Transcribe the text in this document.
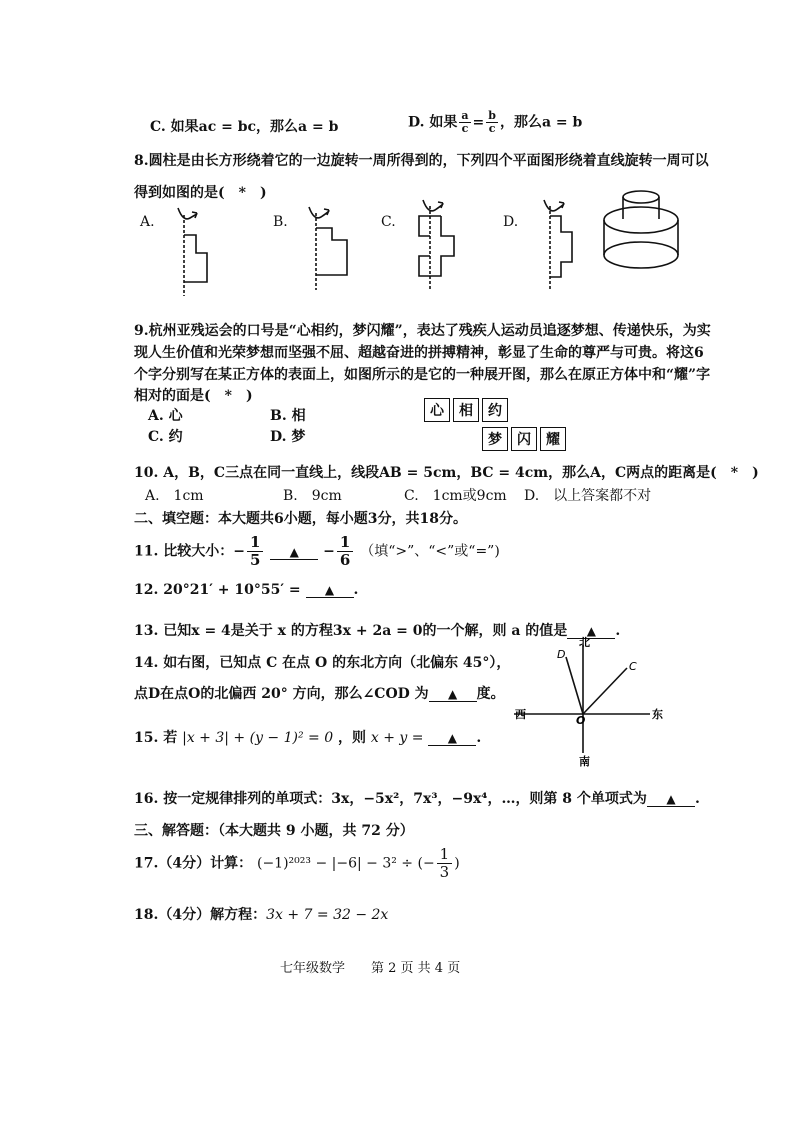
C. 如果ac = bc，那么a = b	D. 如果 $\frac{a}{c} = \frac{b}{c}$ ，那么a = b
8.圆柱是由长方形绕着它的一边旋转一周所得到的，下列四个平面图形绕着直线旋转一周可以
得到如图的是(　*　)
A.	B.	C.	D.
9.杭州亚残运会的口号是“心相约，梦闪耀”，表达了残疾人运动员追逐梦想、传递快乐，为实
现人生价值和光荣梦想而坚强不屈、超越奋进的拼搏精神，彰显了生命的尊严与可贵。将这6
个字分别写在某正方体的表面上，如图所示的是它的一种展开图，那么在原正方体中和“耀”字
相对的面是(　*　)
A. 心	B. 相
C. 约	D. 梦
心	相	约
梦	闪	耀
10. A，B，C三点在同一直线上，线段AB = 5cm，BC = 4cm，那么A，C两点的距离是(　*　)
A.　1cm	B.　9cm	C.　1cm或9cm D.　以上答案都不对
二、填空题：本大题共6小题，每小题3分，共18分。
11. 比较大小：− $\frac{1}{5}$ ▲ − $\frac{1}{6}$ （填“>”、“<”或“=”)
12. 20°21′ + 10°55′ = ▲ .
13. 已知x = 4是关于 x 的方程3x + 2a = 0的一个解，则 a 的值是 ▲ .
14. 如右图，已知点 C 在点 O 的东北方向（北偏东 45°），
点D在点O的北偏西 20° 方向，那么∠COD 为 ▲ 度。
北
南
东
西	O
C
D
15. 若 |x + 3| + (y − 1)² = 0 ，则 x + y = ▲ .
16. 按一定规律排列的单项式：3x，−5x²，7x³，−9x⁴，…，则第 8 个单项式为 ▲ .
三、解答题：（本大题共 9 小题，共 72 分）
17.（4分）计算： (−1)²⁰²³ − |−6| − 3² ÷ (− $\frac{1}{3}$ )
18.（4分）解方程：3x + 7 = 32 − 2x
七年级数学　　第 2 页 共 4 页
